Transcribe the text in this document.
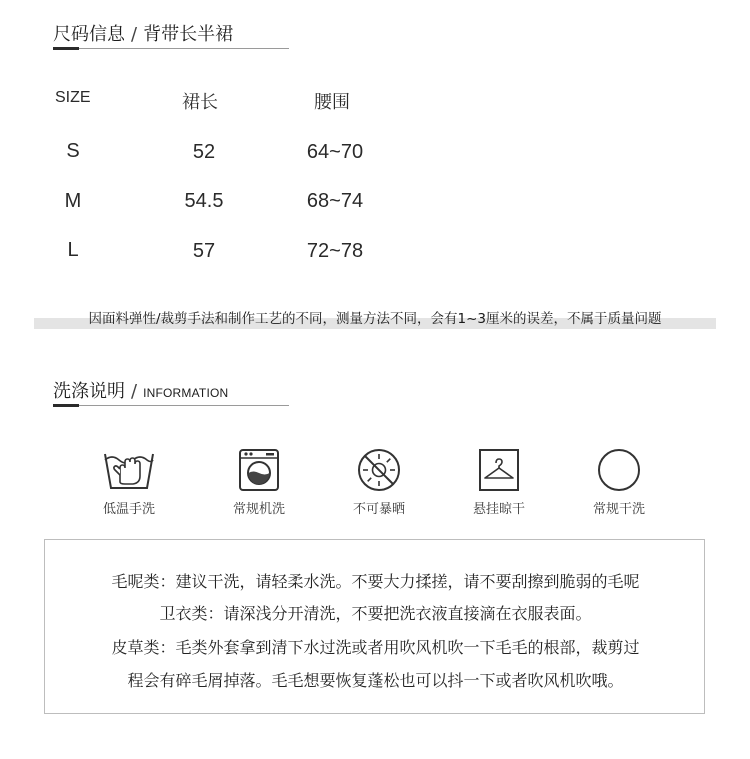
尺码信息 / 背带长半裙
SIZE	裙长	腰围
S	52	64~70
M	54.5	68~74
L	57	72~78
因面料弹性/裁剪手法和制作工艺的不同，测量方法不同，会有1~3厘米的误差，不属于质量问题
洗涤说明 / INFORMATION
低温手洗	常规机洗	不可暴晒	悬挂晾干	常规干洗
毛呢类：建议干洗，请轻柔水洗。不要大力揉搓，请不要刮擦到脆弱的毛呢
卫衣类：请深浅分开清洗，不要把洗衣液直接滴在衣服表面。
皮草类：毛类外套拿到清下水过洗或者用吹风机吹一下毛毛的根部，裁剪过
程会有碎毛屑掉落。毛毛想要恢复蓬松也可以抖一下或者吹风机吹哦。
